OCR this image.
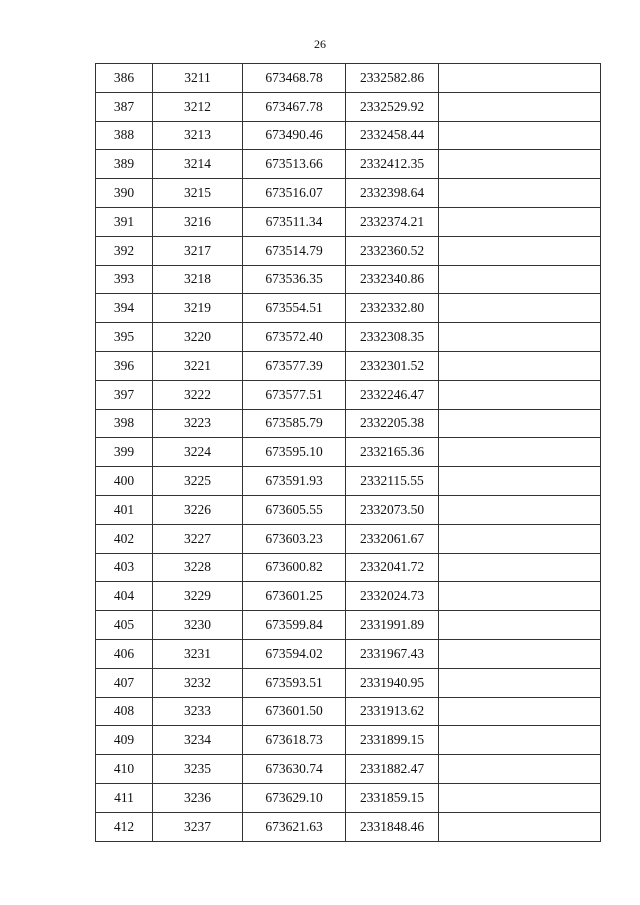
26
386	3211	673468.78	2332582.86	
387	3212	673467.78	2332529.92	
388	3213	673490.46	2332458.44	
389	3214	673513.66	2332412.35	
390	3215	673516.07	2332398.64	
391	3216	673511.34	2332374.21	
392	3217	673514.79	2332360.52	
393	3218	673536.35	2332340.86	
394	3219	673554.51	2332332.80	
395	3220	673572.40	2332308.35	
396	3221	673577.39	2332301.52	
397	3222	673577.51	2332246.47	
398	3223	673585.79	2332205.38	
399	3224	673595.10	2332165.36	
400	3225	673591.93	2332115.55	
401	3226	673605.55	2332073.50	
402	3227	673603.23	2332061.67	
403	3228	673600.82	2332041.72	
404	3229	673601.25	2332024.73	
405	3230	673599.84	2331991.89	
406	3231	673594.02	2331967.43	
407	3232	673593.51	2331940.95	
408	3233	673601.50	2331913.62	
409	3234	673618.73	2331899.15	
410	3235	673630.74	2331882.47	
411	3236	673629.10	2331859.15	
412	3237	673621.63	2331848.46	
